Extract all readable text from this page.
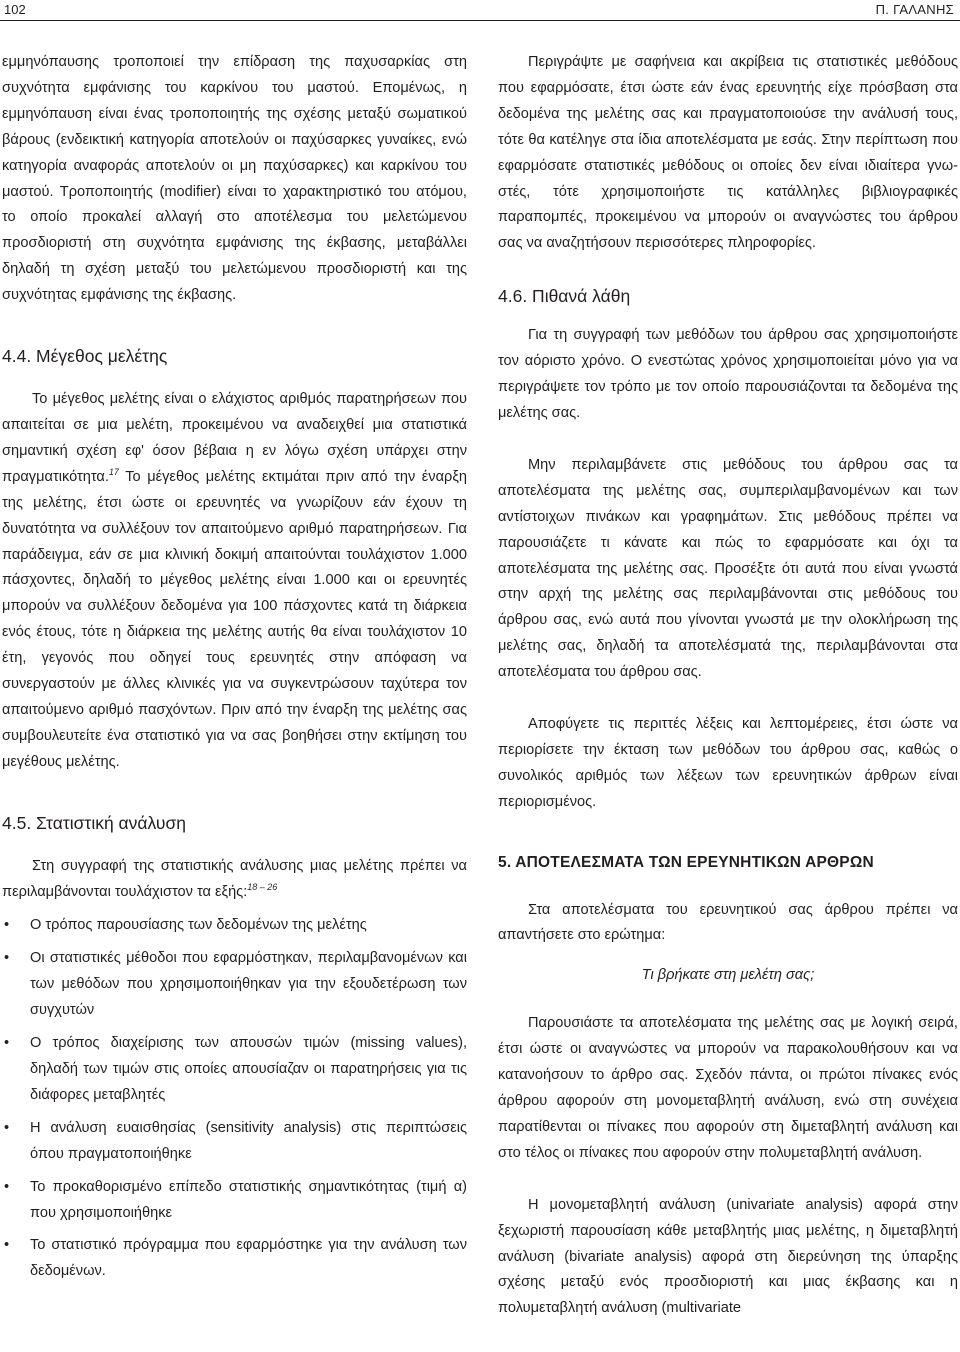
102	Π. ΓΑΛΑΝΗΣ

εμμηνόπαυσης τροποποιεί την επίδραση της παχυσαρκίας στη συχνότητα εμφάνισης του καρκίνου του μαστού. Επομένως, η εμμηνόπαυση είναι ένας τροποποιητής της σχέσης μεταξύ σωματικού βάρους (ενδεικτική κατηγορία αποτελούν οι παχύσαρκες γυναίκες, ενώ κατηγορία αναφοράς αποτελούν οι μη παχύσαρκες) και καρκίνου του μαστού. Τροποποιητής (modifier) είναι το χαρακτηριστικό του ατόμου, το οποίο προκαλεί αλλαγή στο αποτέλεσμα του μελετώμενου προσδιοριστή στη συχνότητα εμφάνισης της έκβασης, μεταβάλλει δηλαδή τη σχέση μεταξύ του μελετώμενου προσδιοριστή και της συχνότητας εμφάνισης της έκβασης.

4.4. Μέγεθος μελέτης

Το μέγεθος μελέτης είναι ο ελάχιστος αριθμός παρατηρήσεων που απαιτείται σε μια μελέτη, προκειμένου να αναδειχθεί μια στατιστικά σημαντική σχέση εφ' όσον βέβαια η εν λόγω σχέση υπάρχει στην πραγματικότητα.$^{17}$ Το μέγεθος μελέτης εκτιμάται πριν από την έναρξη της μελέτης, έτσι ώστε οι ερευνητές να γνωρίζουν εάν έχουν τη δυνατότητα να συλλέξουν τον απαιτούμενο αριθμό παρατηρήσεων. Για παράδειγμα, εάν σε μια κλινική δοκιμή απαιτούνται τουλάχιστον 1.000 πάσχοντες, δηλαδή το μέγεθος μελέτης είναι 1.000 και οι ερευνητές μπορούν να συλλέξουν δεδομένα για 100 πάσχοντες κατά τη διάρκεια ενός έτους, τότε η διάρκεια της μελέτης αυτής θα είναι τουλάχιστον 10 έτη, γεγονός που οδηγεί τους ερευνητές στην απόφαση να συνεργαστούν με άλλες κλινικές για να συγκεντρώσουν ταχύτερα τον απαιτούμενο αριθμό πασχόντων. Πριν από την έναρξη της μελέτης σας συμβουλευτείτε ένα στατιστικό για να σας βοηθήσει στην εκτίμηση του μεγέθους μελέτης.

4.5. Στατιστική ανάλυση

Στη συγγραφή της στατιστικής ανάλυσης μιας μελέτης πρέπει να περιλαμβάνονται τουλάχιστον τα εξής:$^{18 - 26}$

• Ο τρόπος παρουσίασης των δεδομένων της μελέτης
• Οι στατιστικές μέθοδοι που εφαρμόστηκαν, περιλαμβανομένων και των μεθόδων που χρησιμοποιήθηκαν για την εξουδετέρωση των συγχυτών
• Ο τρόπος διαχείρισης των απουσών τιμών (missing values), δηλαδή των τιμών στις οποίες απουσίαζαν οι παρατηρήσεις για τις διάφορες μεταβλητές
• Η ανάλυση ευαισθησίας (sensitivity analysis) στις περιπτώσεις όπου πραγματοποιήθηκε
• Το προκαθορισμένο επίπεδο στατιστικής σημαντικότητας (τιμή α) που χρησιμοποιήθηκε
• Το στατιστικό πρόγραμμα που εφαρμόστηκε για την ανάλυση των δεδομένων.

Περιγράψτε με σαφήνεια και ακρίβεια τις στατιστικές μεθόδους που εφαρμόσατε, έτσι ώστε εάν ένας ερευνητής είχε πρόσβαση στα δεδομένα της μελέτης σας και πραγματοποιούσε την ανάλυσή τους, τότε θα κατέληγε στα ίδια αποτελέσματα με εσάς. Στην περίπτωση που εφαρμόσατε στατιστικές μεθόδους οι οποίες δεν είναι ιδιαίτερα γνωστές, τότε χρησιμοποιήστε τις κατάλληλες βιβλιογραφικές παραπομπές, προκειμένου να μπορούν οι αναγνώστες του άρθρου σας να αναζητήσουν περισσότερες πληροφορίες.

4.6. Πιθανά λάθη

Για τη συγγραφή των μεθόδων του άρθρου σας χρησιμοποιήστε τον αόριστο χρόνο. Ο ενεστώτας χρόνος χρησιμοποιείται μόνο για να περιγράψετε τον τρόπο με τον οποίο παρουσιάζονται τα δεδομένα της μελέτης σας.

Μην περιλαμβάνετε στις μεθόδους του άρθρου σας τα αποτελέσματα της μελέτης σας, συμπεριλαμβανομένων και των αντίστοιχων πινάκων και γραφημάτων. Στις μεθόδους πρέπει να παρουσιάζετε τι κάνατε και πώς το εφαρμόσατε και όχι τα αποτελέσματα της μελέτης σας. Προσέξτε ότι αυτά που είναι γνωστά στην αρχή της μελέτης σας περιλαμβάνονται στις μεθόδους του άρθρου σας, ενώ αυτά που γίνονται γνωστά με την ολοκλήρωση της μελέτης σας, δηλαδή τα αποτελέσματά της, περιλαμβάνονται στα αποτελέσματα του άρθρου σας.

Αποφύγετε τις περιττές λέξεις και λεπτομέρειες, έτσι ώστε να περιορίσετε την έκταση των μεθόδων του άρθρου σας, καθώς ο συνολικός αριθμός των λέξεων των ερευνητικών άρθρων είναι περιορισμένος.

5. ΑΠΟΤΕΛΕΣΜΑΤΑ ΤΩΝ ΕΡΕΥΝΗΤΙΚΩΝ ΑΡΘΡΩΝ

Στα αποτελέσματα του ερευνητικού σας άρθρου πρέπει να απαντήσετε στο ερώτημα:

Τι βρήκατε στη μελέτη σας;

Παρουσιάστε τα αποτελέσματα της μελέτης σας με λογική σειρά, έτσι ώστε οι αναγνώστες να μπορούν να παρακολουθήσουν και να κατανοήσουν το άρθρο σας. Σχεδόν πάντα, οι πρώτοι πίνακες ενός άρθρου αφορούν στη μονομεταβλητή ανάλυση, ενώ στη συνέχεια παρατίθενται οι πίνακες που αφορούν στη διμεταβλητή ανάλυση και στο τέλος οι πίνακες που αφορούν στην πολυμεταβλητή ανάλυση.

Η μονομεταβλητή ανάλυση (univariate analysis) αφορά στην ξεχωριστή παρουσίαση κάθε μεταβλητής μιας μελέτης, η διμεταβλητή ανάλυση (bivariate analysis) αφορά στη διερεύνηση της ύπαρξης σχέσης μεταξύ ενός προσδιοριστή και μιας έκβασης και η πολυμεταβλητή ανάλυση (multivariate
